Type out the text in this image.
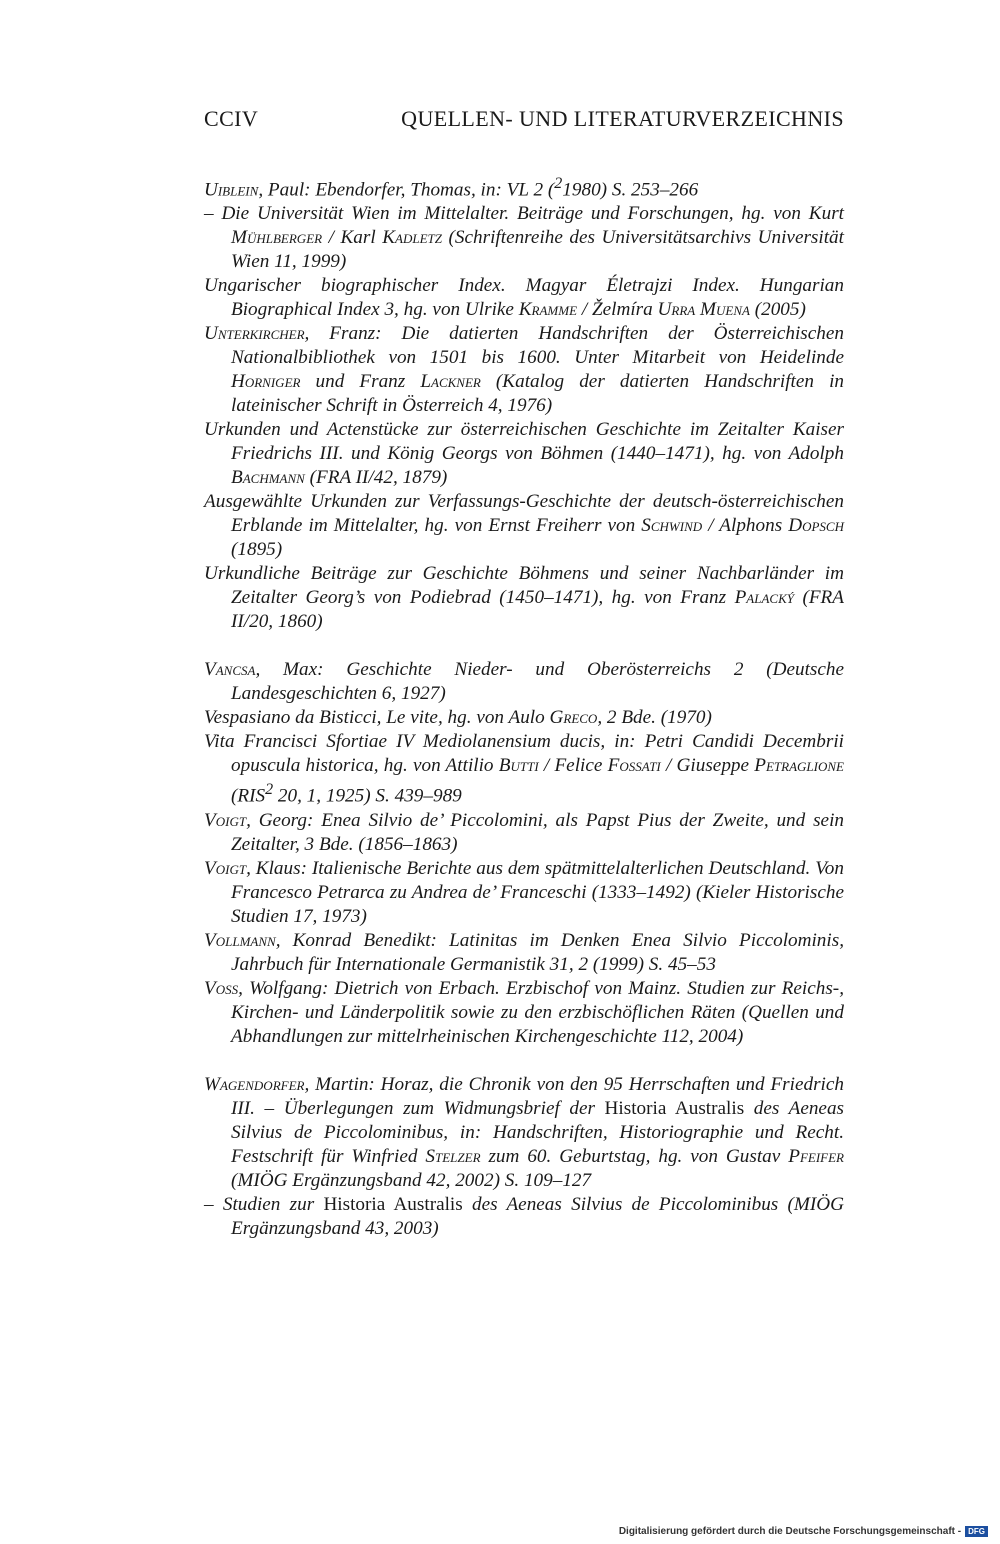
CCIV	QUELLEN- UND LITERATURVERZEICHNIS

Uiblein, Paul: Ebendorfer, Thomas, in: VL 2 ($^2$1980) S. 253–266

– Die Universität Wien im Mittelalter. Beiträge und Forschungen, hg. von Kurt Mühlberger / Karl Kadletz (Schriftenreihe des Universitätsarchivs Universität Wien 11, 1999)

Ungarischer biographischer Index. Magyar Életrajzi Index. Hungarian Biographical Index 3, hg. von Ulrike Kramme / Želmíra Urra Muena (2005)

Unterkircher, Franz: Die datierten Handschriften der Österreichischen Nationalbibliothek von 1501 bis 1600. Unter Mitarbeit von Heidelinde Horniger und Franz Lackner (Katalog der datierten Handschriften in lateinischer Schrift in Österreich 4, 1976)

Urkunden und Actenstücke zur österreichischen Geschichte im Zeitalter Kaiser Friedrichs III. und König Georgs von Böhmen (1440–1471), hg. von Adolph Bachmann (FRA II/42, 1879)

Ausgewählte Urkunden zur Verfassungs-Geschichte der deutsch-österreichischen Erblande im Mittelalter, hg. von Ernst Freiherr von Schwind / Alphons Dopsch (1895)

Urkundliche Beiträge zur Geschichte Böhmens und seiner Nachbarländer im Zeitalter Georg’s von Podiebrad (1450–1471), hg. von Franz Palacký (FRA II/20, 1860)

Vancsa, Max: Geschichte Nieder- und Oberösterreichs 2 (Deutsche Landesgeschichten 6, 1927)

Vespasiano da Bisticci, Le vite, hg. von Aulo Greco, 2 Bde. (1970)

Vita Francisci Sfortiae IV Mediolanensium ducis, in: Petri Candidi Decembrii opuscula historica, hg. von Attilio Butti / Felice Fossati / Giuseppe Petraglione (RIS$^2$ 20, 1, 1925) S. 439–989

Voigt, Georg: Enea Silvio de’ Piccolomini, als Papst Pius der Zweite, und sein Zeitalter, 3 Bde. (1856–1863)

Voigt, Klaus: Italienische Berichte aus dem spätmittelalterlichen Deutschland. Von Francesco Petrarca zu Andrea de’ Franceschi (1333–1492) (Kieler Historische Studien 17, 1973)

Vollmann, Konrad Benedikt: Latinitas im Denken Enea Silvio Piccolominis, Jahrbuch für Internationale Germanistik 31, 2 (1999) S. 45–53

Voss, Wolfgang: Dietrich von Erbach. Erzbischof von Mainz. Studien zur Reichs-, Kirchen- und Länderpolitik sowie zu den erzbischöflichen Räten (Quellen und Abhandlungen zur mittelrheinischen Kirchengeschichte 112, 2004)

Wagendorfer, Martin: Horaz, die Chronik von den 95 Herrschaften und Friedrich III. – Überlegungen zum Widmungsbrief der Historia Australis des Aeneas Silvius de Piccolominibus, in: Handschriften, Historiographie und Recht. Festschrift für Winfried Stelzer zum 60. Geburtstag, hg. von Gustav Pfeifer (MIÖG Ergänzungsband 42, 2002) S. 109–127

– Studien zur Historia Australis des Aeneas Silvius de Piccolominibus (MIÖG Ergänzungsband 43, 2003)

Digitalisierung gefördert durch die Deutsche Forschungsgemeinschaft - DFG
